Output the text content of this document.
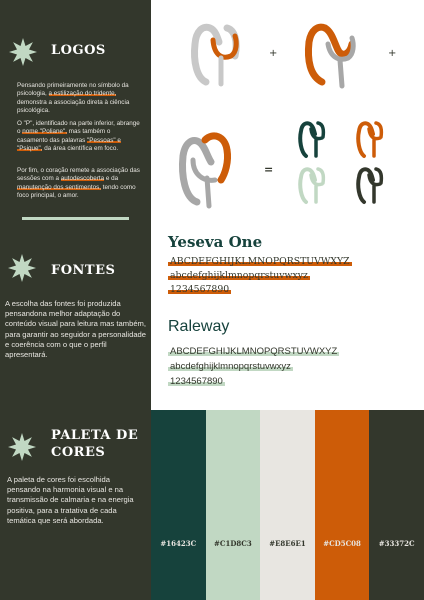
LOGOS
Pensando primeiramente no símbolo da psicologia, a estilização do tridente, demonstra a associação direta à ciência psicológica.
O "P", identificado na parte inferior, abrange o nome "Poliane", mas também o casamento das palavras "Pessoas" e "Psique", da área científica em foco.
Por fim, o coração remete a associação das sessões com a autodescoberta e da manutenção dos sentimentos, tendo como foco principal, o amor.
FONTES
A escolha das fontes foi produzida pensandona melhor adaptação do conteúdo visual para leitura mas também, para garantir ao seguidor a personalidade e coerência com o que o perfil apresentará.
PALETA DE
CORES
A paleta de cores foi escolhida pensando na harmonia visual e na transmissão de calmaria e na energia positiva, para a tratativa de cada temática que será abordada.
+	+
=
Yeseva One
ABCDEFGHIJKLMNOPQRSTUVWXYZ
abcdefghijklmnopqrstuvwxyz
1234567890
Raleway
ABCDEFGHIJKLMNOPQRSTUVWXYZ
abcdefghijklmnopqrstuvwxyz
1234567890
#16423C	#C1D8C3	#E8E6E1	#CD5C08	#33372C
